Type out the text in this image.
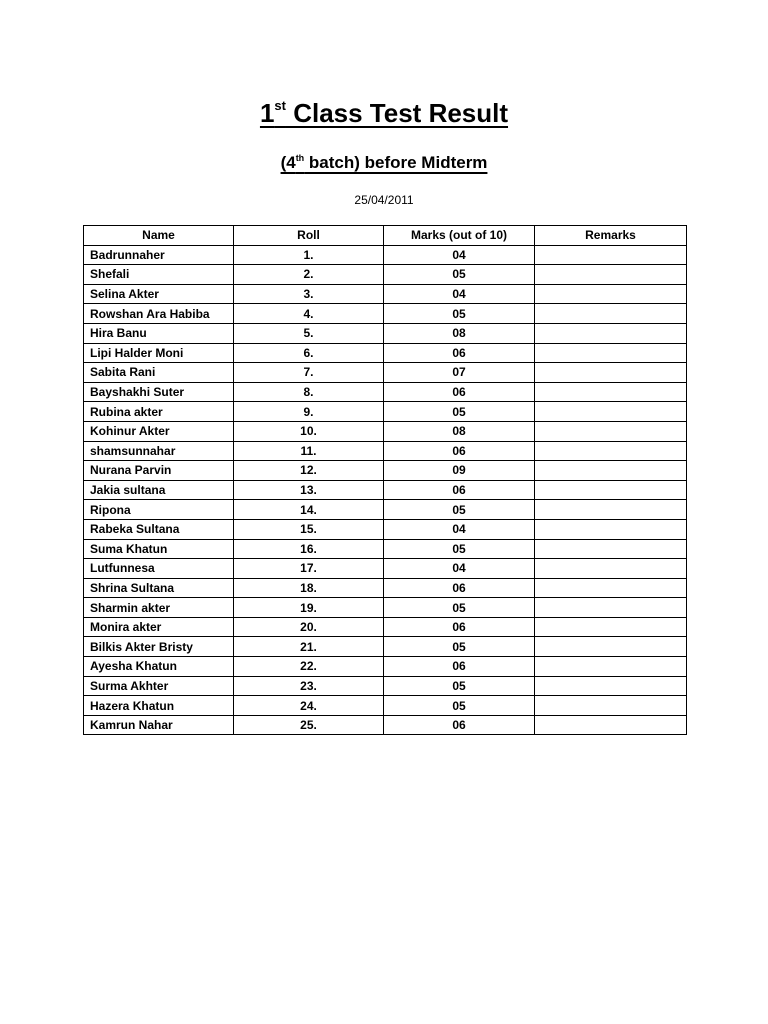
1st Class Test Result
(4th batch) before Midterm
25/04/2011
Name	Roll	Marks (out of 10)	Remarks
Badrunnaher	1.	04	
Shefali	2.	05	
Selina Akter	3.	04	
Rowshan Ara Habiba	4.	05	
Hira Banu	5.	08	
Lipi Halder Moni	6.	06	
Sabita Rani	7.	07	
Bayshakhi Suter	8.	06	
Rubina akter	9.	05	
Kohinur Akter	10.	08	
shamsunnahar	11.	06	
Nurana Parvin	12.	09	
Jakia sultana	13.	06	
Ripona	14.	05	
Rabeka Sultana	15.	04	
Suma Khatun	16.	05	
Lutfunnesa	17.	04	
Shrina Sultana	18.	06	
Sharmin akter	19.	05	
Monira akter	20.	06	
Bilkis Akter Bristy	21.	05	
Ayesha Khatun	22.	06	
Surma Akhter	23.	05	
Hazera Khatun	24.	05	
Kamrun Nahar	25.	06	
